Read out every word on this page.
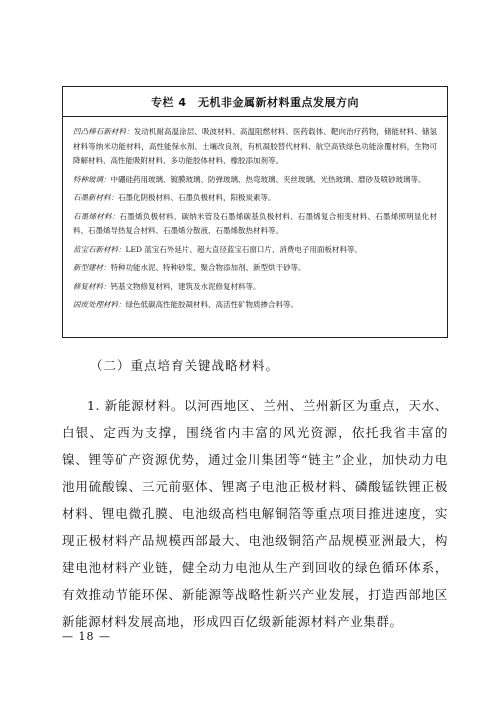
专栏 4　无机非金属新材料重点发展方向

凹凸棒石新材料：发动机耐高温涂层、吸波材料、高温阻燃材料、医药载体、靶向治疗药物，储能材料、储氢材料等纳米功能材料，高性能保水剂、土壤改良剂，有机凝胶替代材料、航空高铁绿色功能涂覆材料，生物可降解材料、高性能吸附材料、多功能胶体材料、橡胶添加剂等。

特种玻璃：中硼硅药用玻璃、镀膜玻璃、防弹玻璃、热弯玻璃、夹丝玻璃、光热玻璃、磨砂及喷砂玻璃等。

石墨新材料：石墨化阴极材料、石墨负极材料，阳极炭素等。

石墨烯材料：石墨烯负极材料、碳纳米管及石墨烯碳基负极材料、石墨烯复合相变材料、石墨烯照明显化材料、石墨烯导热复合材料、石墨烯分散液、石墨烯散热材料等。

蓝宝石新材料：LED 蓝宝石外延片、超大直径蓝宝石窗口片、消费电子用面板材料等。

新型建材：特种功能水泥、特种砂浆、聚合物添加剂、新型烘干砂等。

修复材料：钙基文物修复材料，建筑及水泥修复材料等。

固废处理材料：绿色低碳高性能胶凝材料、高活性矿物质掺合料等。

（二）重点培育关键战略材料。

1. 新能源材料。以河西地区、兰州、兰州新区为重点，天水、白银、定西为支撑，围绕省内丰富的风光资源，依托我省丰富的镍、锂等矿产资源优势，通过金川集团等“链主”企业，加快动力电池用硫酸镍、三元前驱体、锂离子电池正极材料、磷酸锰铁锂正极材料、锂电微孔膜、电池级高档电解铜箔等重点项目推进速度，实现正极材料产品规模西部最大、电池级铜箔产品规模亚洲最大，构建电池材料产业链，健全动力电池从生产到回收的绿色循环体系，有效推动节能环保、新能源等战略性新兴产业发展，打造西部地区新能源材料发展高地，形成四百亿级新能源材料产业集群。

— 18 —
